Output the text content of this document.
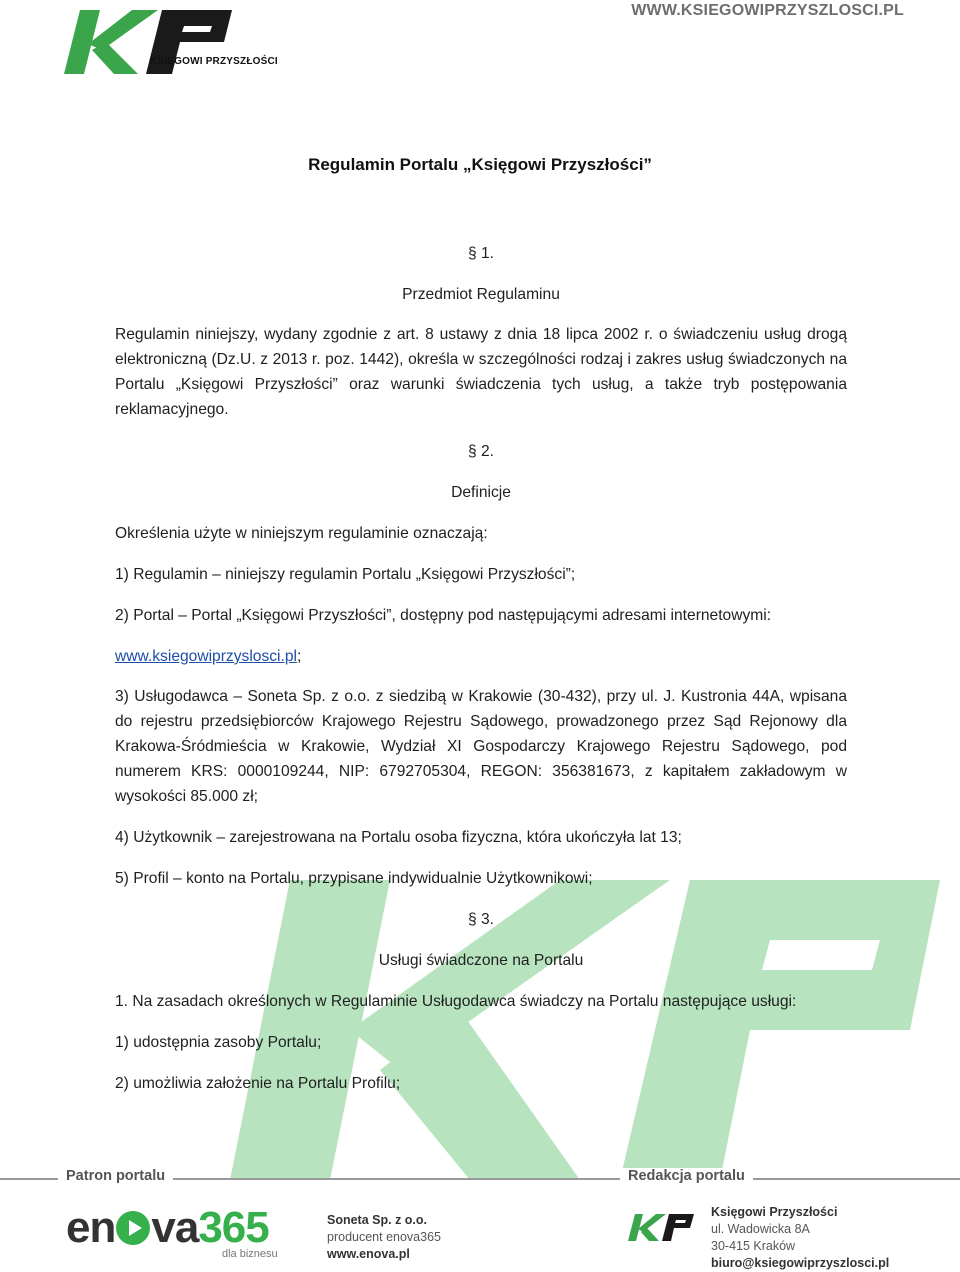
WWW.KSIEGOWIPRZYSZLOSCI.PL
KSIĘGOWI PRZYSZŁOŚCI
Regulamin Portalu „Księgowi Przyszłości”
§ 1.
Przedmiot Regulaminu
Regulamin niniejszy, wydany zgodnie z art. 8 ustawy z dnia 18 lipca 2002 r. o świadczeniu usług drogą elektroniczną (Dz.U. z 2013 r. poz. 1442), określa w szczególności rodzaj i zakres usług świadczonych na Portalu „Księgowi Przyszłości” oraz warunki świadczenia tych usług, a także tryb postępowania reklamacyjnego.
§ 2.
Definicje
Określenia użyte w niniejszym regulaminie oznaczają:
1) Regulamin – niniejszy regulamin Portalu „Księgowi Przyszłości”;
2) Portal – Portal „Księgowi Przyszłości”, dostępny pod następującymi adresami internetowymi:
www.ksiegowiprzyslosci.pl;
3) Usługodawca – Soneta Sp. z o.o. z siedzibą w Krakowie (30-432), przy ul. J. Kustronia 44A, wpisana do rejestru przedsiębiorców Krajowego Rejestru Sądowego, prowadzonego przez Sąd Rejonowy dla Krakowa-Śródmieścia w Krakowie, Wydział XI Gospodarczy Krajowego Rejestru Sądowego, pod numerem KRS: 0000109244, NIP: 6792705304, REGON: 356381673, z kapitałem zakładowym w wysokości 85.000 zł;
4) Użytkownik – zarejestrowana na Portalu osoba fizyczna, która ukończyła lat 13;
5) Profil – konto na Portalu, przypisane indywidualnie Użytkownikowi;
§ 3.
Usługi świadczone na Portalu
1. Na zasadach określonych w Regulaminie Usługodawca świadczy na Portalu następujące usługi:
1) udostępnia zasoby Portalu;
2) umożliwia założenie na Portalu Profilu;
Patron portalu	Redakcja portalu
en va365
dla biznesu
Soneta Sp. z o.o.
producent enova365
www.enova.pl
Księgowi Przyszłości
ul. Wadowicka 8A
30-415 Kraków
biuro@ksiegowiprzyszlosci.pl
